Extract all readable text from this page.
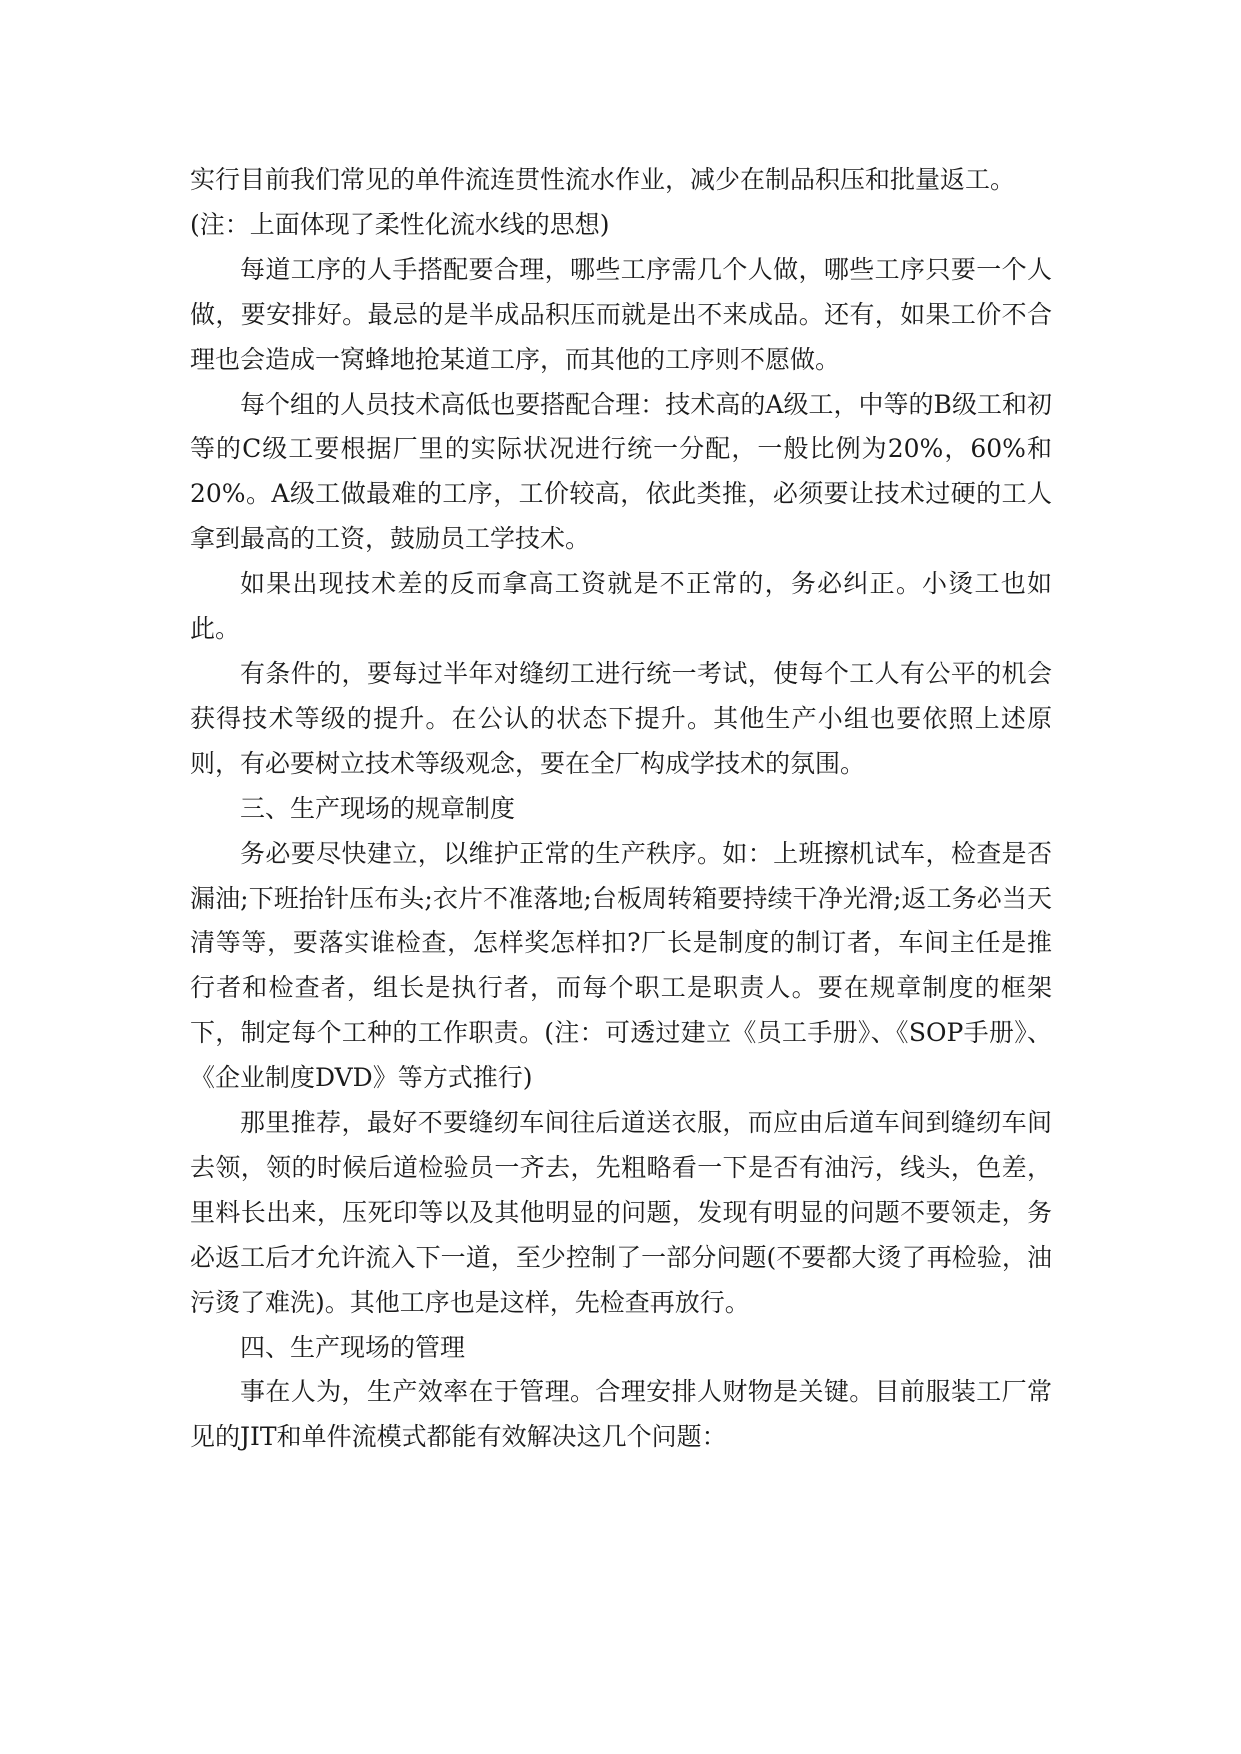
实行目前我们常见的单件流连贯性流水作业，减少在制品积压和批量返工。

(注：上面体现了柔性化流水线的思想)

每道工序的人手搭配要合理，哪些工序需几个人做，哪些工序只要一个人做，要安排好。最忌的是半成品积压而就是出不来成品。还有，如果工价不合理也会造成一窝蜂地抢某道工序，而其他的工序则不愿做。

每个组的人员技术高低也要搭配合理：技术高的A级工，中等的B级工和初等的C级工要根据厂里的实际状况进行统一分配，一般比例为20%，60%和20%。A级工做最难的工序，工价较高，依此类推，必须要让技术过硬的工人拿到最高的工资，鼓励员工学技术。

如果出现技术差的反而拿高工资就是不正常的，务必纠正。小烫工也如此。

有条件的，要每过半年对缝纫工进行统一考试，使每个工人有公平的机会获得技术等级的提升。在公认的状态下提升。其他生产小组也要依照上述原则，有必要树立技术等级观念，要在全厂构成学技术的氛围。

三、生产现场的规章制度

务必要尽快建立，以维护正常的生产秩序。如：上班擦机试车，检查是否漏油;下班抬针压布头;衣片不准落地;台板周转箱要持续干净光滑;返工务必当天清等等，要落实谁检查，怎样奖怎样扣?厂长是制度的制订者，车间主任是推行者和检查者，组长是执行者，而每个职工是职责人。要在规章制度的框架下，制定每个工种的工作职责。(注：可透过建立《员工手册》、《SOP手册》、《企业制度DVD》等方式推行)

那里推荐，最好不要缝纫车间往后道送衣服，而应由后道车间到缝纫车间去领，领的时候后道检验员一齐去，先粗略看一下是否有油污，线头，色差，里料长出来，压死印等以及其他明显的问题，发现有明显的问题不要领走，务必返工后才允许流入下一道，至少控制了一部分问题(不要都大烫了再检验，油污烫了难洗)。其他工序也是这样，先检查再放行。

四、生产现场的管理

事在人为，生产效率在于管理。合理安排人财物是关键。目前服装工厂常见的JIT和单件流模式都能有效解决这几个问题：
